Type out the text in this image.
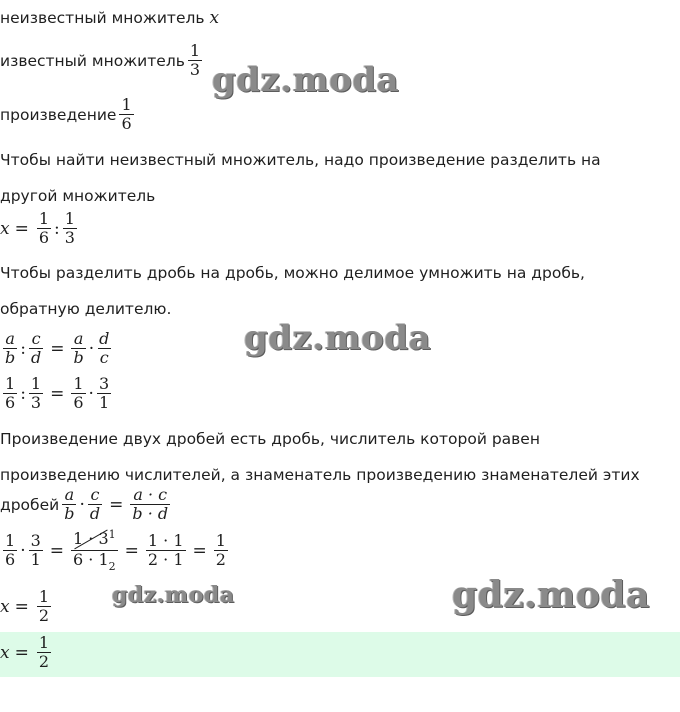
неизвестный множитель x
известный множитель $\frac{1}{3}$
произведение $\frac{1}{6}$
Чтобы найти неизвестный множитель, надо произведение разделить на
другой множитель
$x = \frac{1}{6}$ : $\frac{1}{3}$
Чтобы разделить дробь на дробь, можно делимое умножить на дробь,
обратную делителю.
$\frac{a}{b}$ : $\frac{c}{d} = \frac{a}{b} \cdot \frac{d}{c}$
$\frac{1}{6}$ : $\frac{1}{3} = \frac{1}{6} \cdot \frac{3}{1}$
Произведение двух дробей есть дробь, числитель которой равен
произведению числителей, а знаменатель произведению знаменателей этих
дробей $\frac{a}{b} \cdot \frac{c}{d} = \frac{a \cdot c}{b \cdot d}$
$\frac{1}{6} \cdot \frac{3}{1} = \frac{1 \cdot 3^1}{6 \cdot 1_2} = \frac{1 \cdot 1}{2 \cdot 1} = \frac{1}{2}$
$x = \frac{1}{2}$
$x = \frac{1}{2}$
gdz.moda
gdz.moda
gdz.moda	gdz.moda
